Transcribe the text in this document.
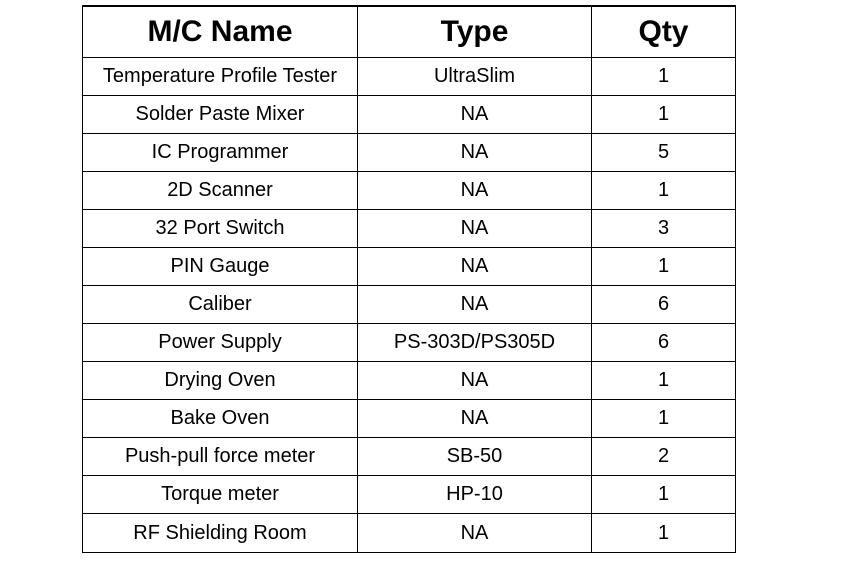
M/C Name	Type	Qty
Temperature Profile Tester	UltraSlim	1
Solder Paste Mixer	NA	1
IC Programmer	NA	5
2D Scanner	NA	1
32 Port Switch	NA	3
PIN Gauge	NA	1
Caliber	NA	6
Power Supply	PS-303D/PS305D	6
Drying Oven	NA	1
Bake Oven	NA	1
Push-pull force meter	SB-50	2
Torque meter	HP-10	1
RF Shielding Room	NA	1
